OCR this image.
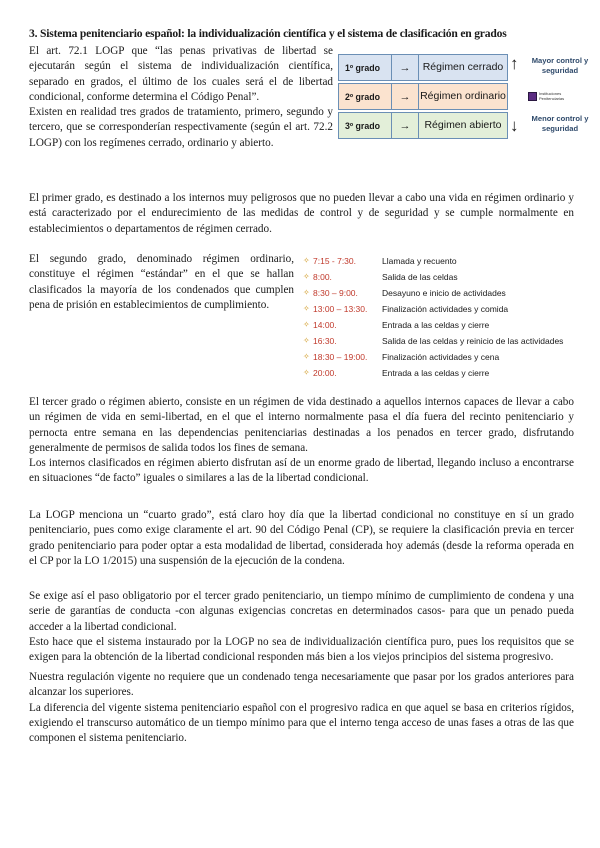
3. Sistema penitenciario español: la individualización científica y el sistema de clasificación en grados

El art. 72.1 LOGP que “las penas privativas de libertad se ejecutarán según el sistema de individualización científica, separado en grados, el último de los cuales será el de libertad condicional, conforme determina el Código Penal”.

Existen en realidad tres grados de tratamiento, primero, segundo y tercero, que se corresponderían respectivamente (según el art. 72.2 LOGP) con los regímenes cerrado, ordinario y abierto.

1º grado	→	Régimen cerrado
2º grado	→ Régimen ordinario
3º grado	→	Régimen abierto
↑ Mayor control y seguridad
Instituciones Penitenciarias
↓ Menor control y seguridad
El primer grado, es destinado a los internos muy peligrosos que no pueden llevar a cabo una vida en régimen ordinario y está caracterizado por el endurecimiento de las medidas de control y de seguridad y se cumple normalmente en establecimientos o departamentos de régimen cerrado.
El segundo grado, denominado régimen ordinario, constituye el régimen “estándar” en el que se hallan clasificados la mayoría de los condenados que cumplen pena de prisión en establecimientos de cumplimiento.
✧ 7:15 - 7:30.	Llamada y recuento
✧ 8:00.	Salida de las celdas
✧ 8:30 – 9:00.	Desayuno e inicio de actividades
✧ 13:00 – 13:30. Finalización actividades y comida
✧ 14:00.	Entrada a las celdas y cierre
✧ 16:30.	Salida de las celdas y reinicio de las actividades
✧ 18:30 – 19:00. Finalización actividades y cena
✧ 20:00.	Entrada a las celdas y cierre

El tercer grado o régimen abierto, consiste en un régimen de vida destinado a aquellos internos capaces de llevar a cabo un régimen de vida en semi-libertad, en el que el interno normalmente pasa el día fuera del recinto penitenciario y pernocta entre semana en las dependencias penitenciarias destinadas a los penados en tercer grado, disfrutando generalmente de permisos de salida todos los fines de semana.

Los internos clasificados en régimen abierto disfrutan así de un enorme grado de libertad, llegando incluso a encontrarse en situaciones “de facto” iguales o similares a las de la libertad condicional.

La LOGP menciona un “cuarto grado”, está claro hoy día que la libertad condicional no constituye en sí un grado penitenciario, pues como exige claramente el art. 90 del Código Penal (CP), se requiere la clasificación previa en tercer grado penitenciario para poder optar a esta modalidad de libertad, considerada hoy además (desde la reforma operada en el CP por la LO 1/2015) una suspensión de la ejecución de la condena.

Se exige así el paso obligatorio por el tercer grado penitenciario, un tiempo mínimo de cumplimiento de condena y una serie de garantías de conducta -con algunas exigencias concretas en determinados casos- para que un penado pueda acceder a la libertad condicional.

Esto hace que el sistema instaurado por la LOGP no sea de individualización científica puro, pues los requisitos que se exigen para la obtención de la libertad condicional responden más bien a los viejos principios del sistema progresivo.

Nuestra regulación vigente no requiere que un condenado tenga necesariamente que pasar por los grados anteriores para alcanzar los superiores.

La diferencia del vigente sistema penitenciario español con el progresivo radica en que aquel se basa en criterios rígidos, exigiendo el transcurso automático de un tiempo mínimo para que el interno tenga acceso de unas fases a otras de las que componen el sistema penitenciario.
